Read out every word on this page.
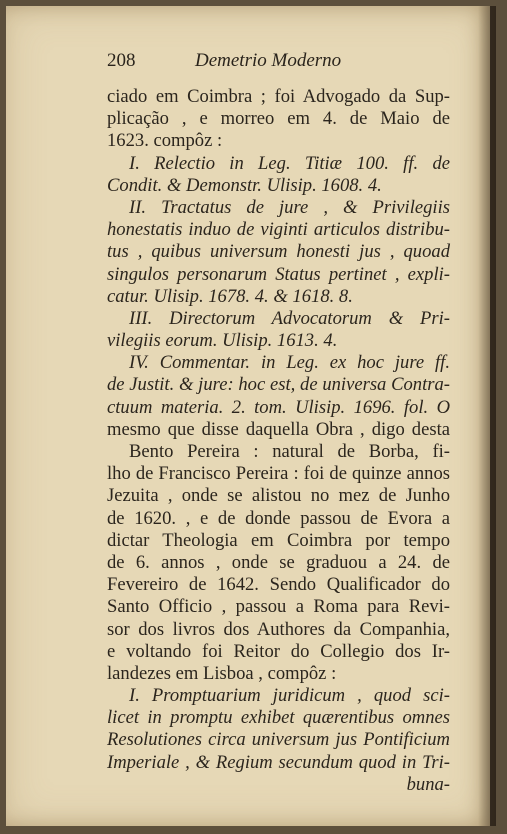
208	Demetrio Moderno
ciado em Coimbra ; foi Advogado da Sup-
plicação , e morreo em 4. de Maio de
1623. compôz :
I. Relectio in Leg. Titiæ 100. ff. de
Condit. & Demonstr. Ulisip. 1608. 4.
II. Tractatus de jure , & Privilegiis
honestatis induo de viginti articulos distribu-
tus , quibus universum honesti jus , quoad
singulos personarum Status pertinet , expli-
catur. Ulisip. 1678. 4. & 1618. 8.
III. Directorum Advocatorum & Pri-
vilegiis eorum. Ulisip. 1613. 4.
IV. Commentar. in Leg. ex hoc jure ff.
de Justit. & jure: hoc est, de universa Contra-
ctuum materia. 2. tom. Ulisip. 1696. fol. O
mesmo que disse daquella Obra , digo desta
Bento Pereira : natural de Borba, fi-
lho de Francisco Pereira : foi de quinze annos
Jezuita , onde se alistou no mez de Junho
de 1620. , e de donde passou de Evora a
dictar Theologia em Coimbra por tempo
de 6. annos , onde se graduou a 24. de
Fevereiro de 1642. Sendo Qualificador do
Santo Officio , passou a Roma para Revi-
sor dos livros dos Authores da Companhia,
e voltando foi Reitor do Collegio dos Ir-
landezes em Lisboa , compôz :
I. Promptuarium juridicum , quod sci-
licet in promptu exhibet quærentibus omnes
Resolutiones circa universum jus Pontificium
Imperiale , & Regium secundum quod in Tri-
buna-
